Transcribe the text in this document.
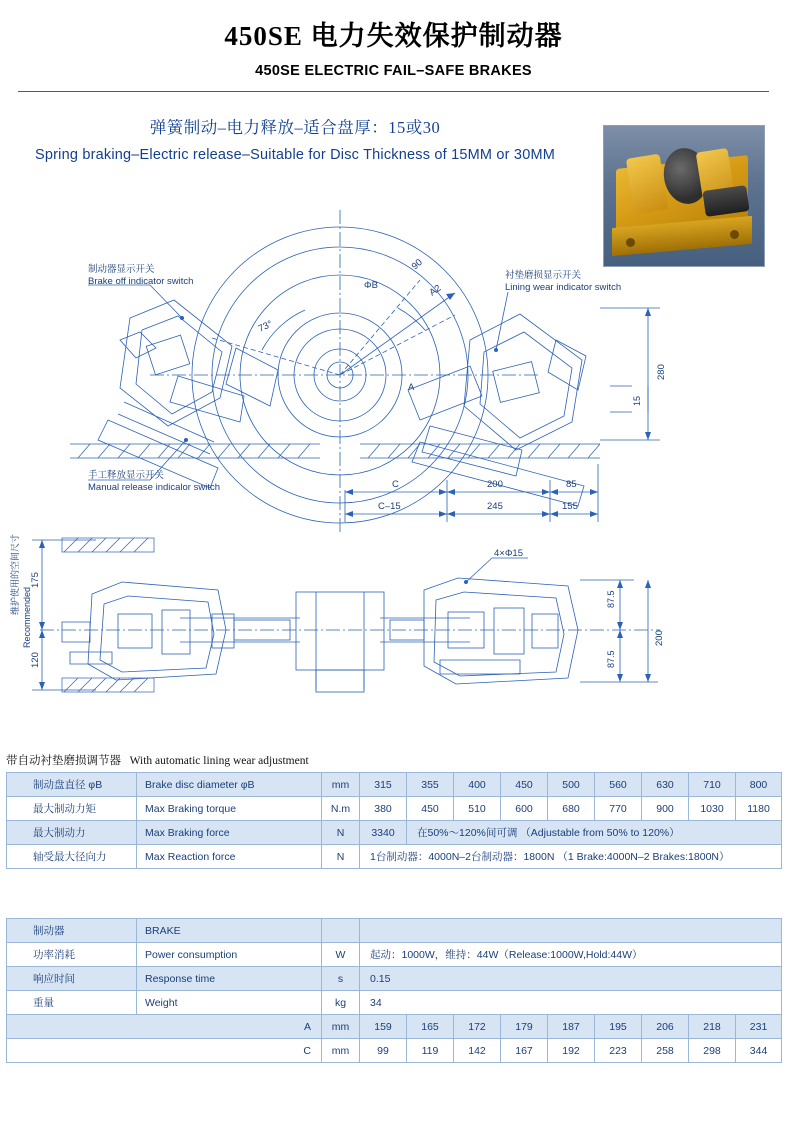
450SE 电力失效保护制动器
450SE ELECTRIC FAIL–SAFE BRAKES
弹簧制动–电力释放–适合盘厚：15或30
Spring braking–Electric release–Suitable for Disc Thickness of 15MM or 30MM
制动器显示开关
Brake off indicator switch
衬垫磨损显示开关
Lining wear indicator switch
手工释放显示开关
Manual release indicalor switch
ΦB
90
A2
73°
A
280
15
C	200	85
C–15	245	155
175
120
维护使用的空间尺寸
Recommended
4×Φ15
87.5
87.5
200
带自动衬垫磨损调节器 With automatic lining wear adjustment
制动盘直径 φB	Brake disc diameter φB	mm	315	355	400	450	500	560	630	710	800
最大制动力矩	Max Braking torque	N.m	380	450	510	600	680	770	900	1030	1180
最大制动力	Max Braking force	N	3340	在50%～120%间可调 （Adjustable from 50% to 120%）							
轴受最大径向力	Max Reaction force	N	1台制动器：4000N–2台制动器：1800N （1 Brake:4000N–2 Brakes:1800N）								
制动器	BRAKE										
功率消耗	Power consumption	W	起动：1000W，维持：44W（Release:1000W,Hold:44W）								
响应时间	Response time	s	0.15								
重量	Weight	kg	34								
A		mm	159	165	172	179	187	195	206	218	231
C		mm	99	119	142	167	192	223	258	298	344
